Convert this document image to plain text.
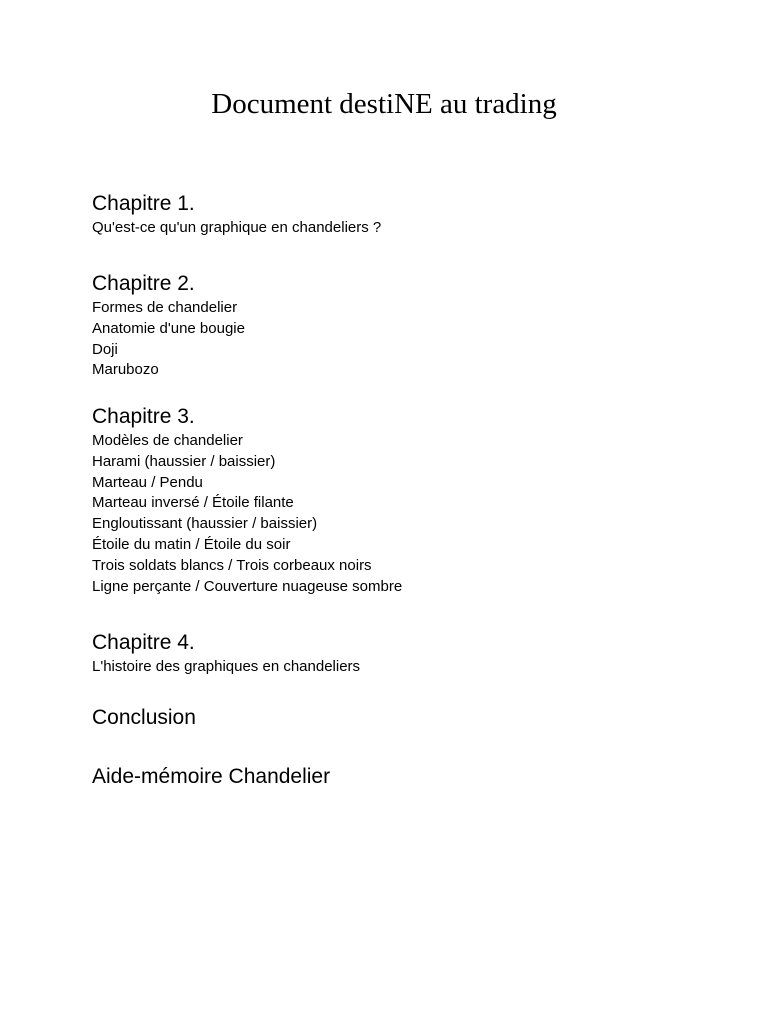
Document destiNE au trading
Chapitre 1.
Qu'est-ce qu'un graphique en chandeliers ?
Chapitre 2.
Formes de chandelier
Anatomie d'une bougie
Doji
Marubozo
Chapitre 3.
Modèles de chandelier
Harami (haussier / baissier)
Marteau / Pendu
Marteau inversé / Étoile filante
Engloutissant (haussier / baissier)
Étoile du matin / Étoile du soir
Trois soldats blancs / Trois corbeaux noirs
Ligne perçante / Couverture nuageuse sombre
Chapitre 4.
L'histoire des graphiques en chandeliers
Conclusion
Aide-mémoire Chandelier
